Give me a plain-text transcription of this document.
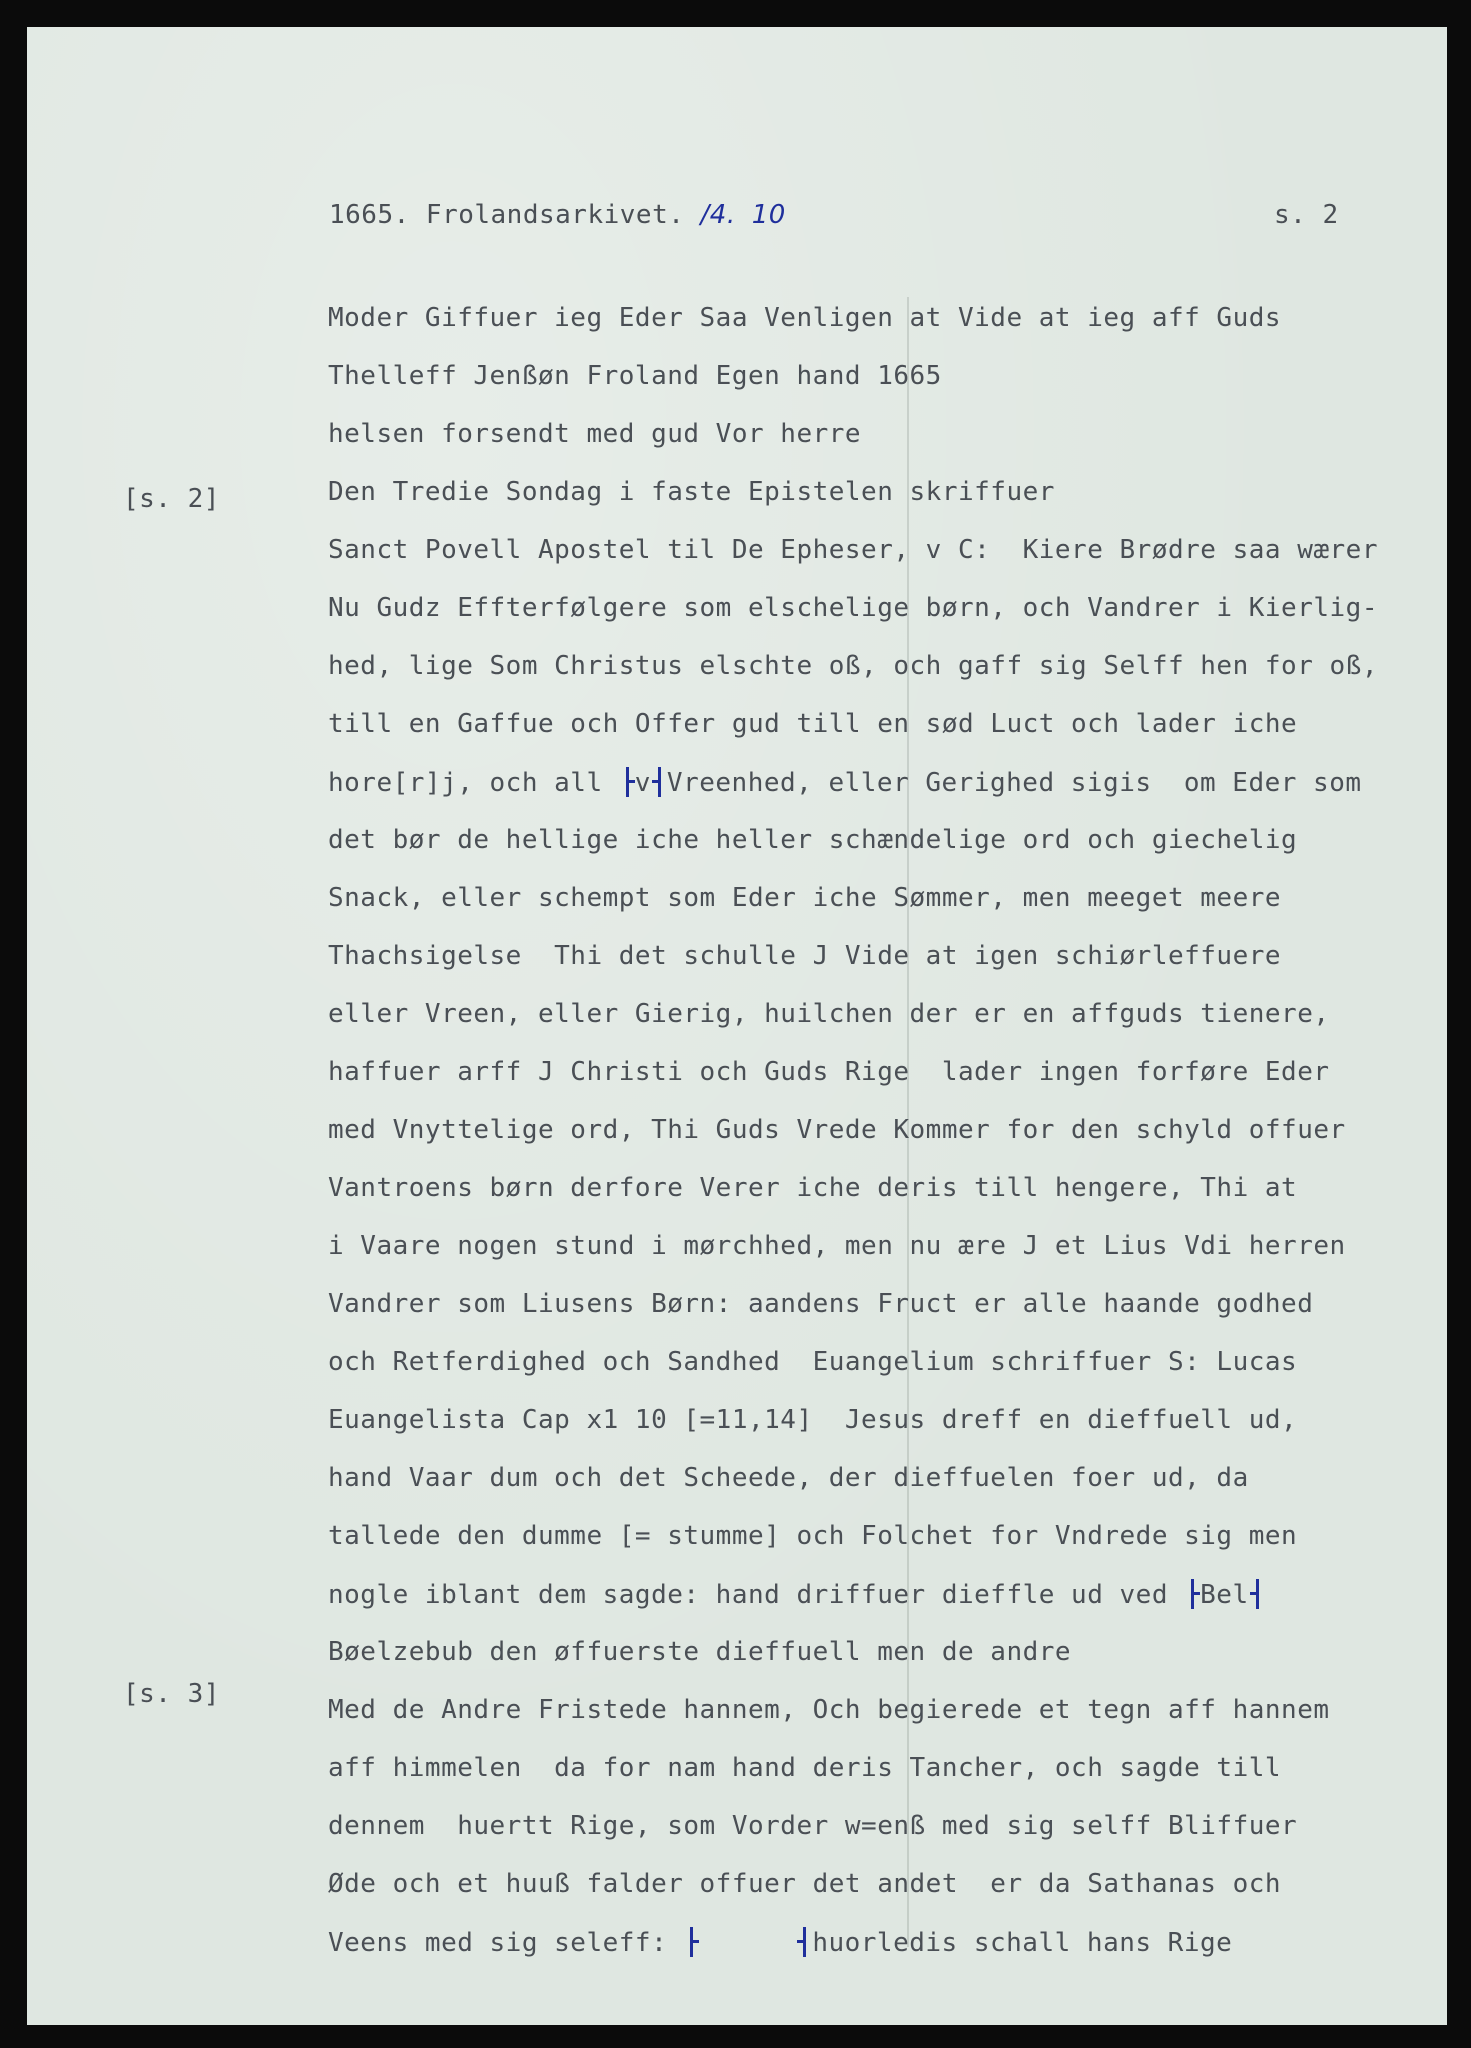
1665. Frolandsarkivet. /4. 10	s. 2
[s. 2]
[s. 3]
Moder Giffuer ieg Eder Saa Venligen at Vide at ieg aff Guds
Thelleff Jenßøn Froland Egen hand 1665
helsen forsendt med gud Vor herre
Den Tredie Sondag i faste Epistelen skriffuer
Sanct Povell Apostel til De Epheser, v C:  Kiere Brødre saa wærer
Nu Gudz Effterfølgere som elschelige børn, och Vandrer i Kierlig-
hed, lige Som Christus elschte oß, och gaff sig Selff hen for oß,
till en Gaffue och Offer gud till en sød Luct och lader iche
hore[r]j, och all v Vreenhed, eller Gerighed sigis  om Eder som
det bør de hellige iche heller schændelige ord och giechelig
Snack, eller schempt som Eder iche Sømmer, men meeget meere
Thachsigelse  Thi det schulle J Vide at igen schiørleffuere
eller Vreen, eller Gierig, huilchen der er en affguds tienere,
haffuer arff J Christi och Guds Rige  lader ingen forføre Eder
med Vnyttelige ord, Thi Guds Vrede Kommer for den schyld offuer
Vantroens børn derfore Verer iche deris till hengere, Thi at
i Vaare nogen stund i mørchhed, men nu ære J et Lius Vdi herren
Vandrer som Liusens Børn: aandens Fruct er alle haande godhed
och Retferdighed och Sandhed  Euangelium schriffuer S: Lucas
Euangelista Cap x1 10 [=11,14]  Jesus dreff en dieffuell ud,
hand Vaar dum och det Scheede, der dieffuelen foer ud, da
tallede den dumme [= stumme] och Folchet for Vndrede sig men
nogle iblant dem sagde: hand driffuer dieffle ud ved Bel
Bøelzebub den øffuerste dieffuell men de andre
Med de Andre Fristede hannem, Och begierede et tegn aff hannem
aff himmelen  da for nam hand deris Tancher, och sagde till
dennem  huertt Rige, som Vorder w=enß med sig selff Bliffuer
Øde och et huuß falder offuer det andet  er da Sathanas och
Veens med sig seleff:	huorledis schall hans Rige
